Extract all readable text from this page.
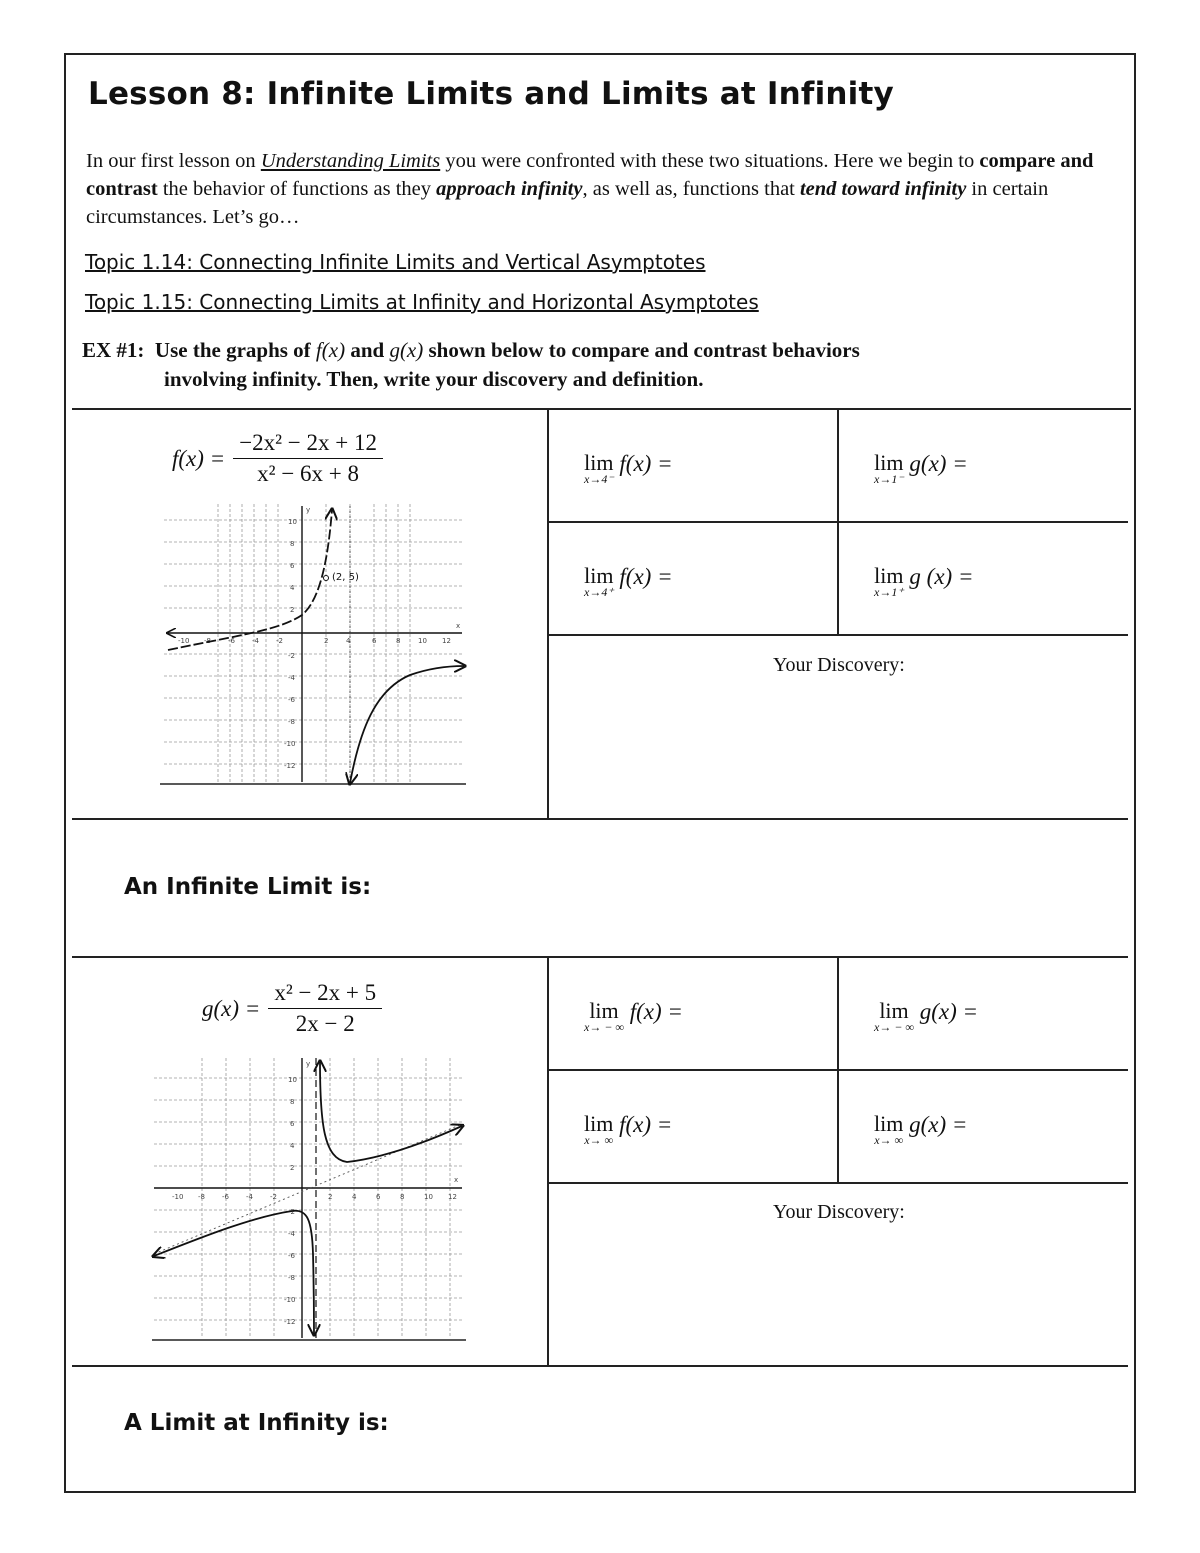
Lesson 8: Infinite Limits and Limits at Infinity
In our first lesson on Understanding Limits you were confronted with these two situations. Here we begin to compare and contrast the behavior of functions as they approach infinity, as well as, functions that tend toward infinity in certain circumstances. Let’s go…
Topic 1.14: Connecting Infinite Limits and Vertical Asymptotes
Topic 1.15: Connecting Limits at Infinity and Horizontal Asymptotes
EX #1: Use the graphs of f(x) and g(x) shown below to compare and contrast behaviors
involving infinity. Then, write your discovery and definition.
$f(x) = \frac{\text{−2x² − 2x + 12}}{\text{x² − 6x + 8}}$
-10 -8 -6 -4 -2	2	4	6	8	10 12
10
8
6
4
2
-2
-4
-6
-8
-10
-12
y
x
(2, 5)
lim
x→4⁻
f(x) =	lim
x→1⁻
g(x) =
lim
x→4⁺
f(x) =	lim
x→1⁺
g (x) =
Your Discovery:
An Infinite Limit is:
$g(x) = \frac{\text{x² − 2x + 5}}{2x - 2}$
-10 -8 -6 -4 -2	2	4	6	8	10 12
10
8
6
4
2
-2
-4
-6
-8
-10
-12
y
x
lim
x→ − ∞
f(x) =	lim
x→ − ∞
g(x) =
lim
x→ ∞
f(x) =	lim
x→ ∞
g(x) =
Your Discovery:
A Limit at Infinity is:
